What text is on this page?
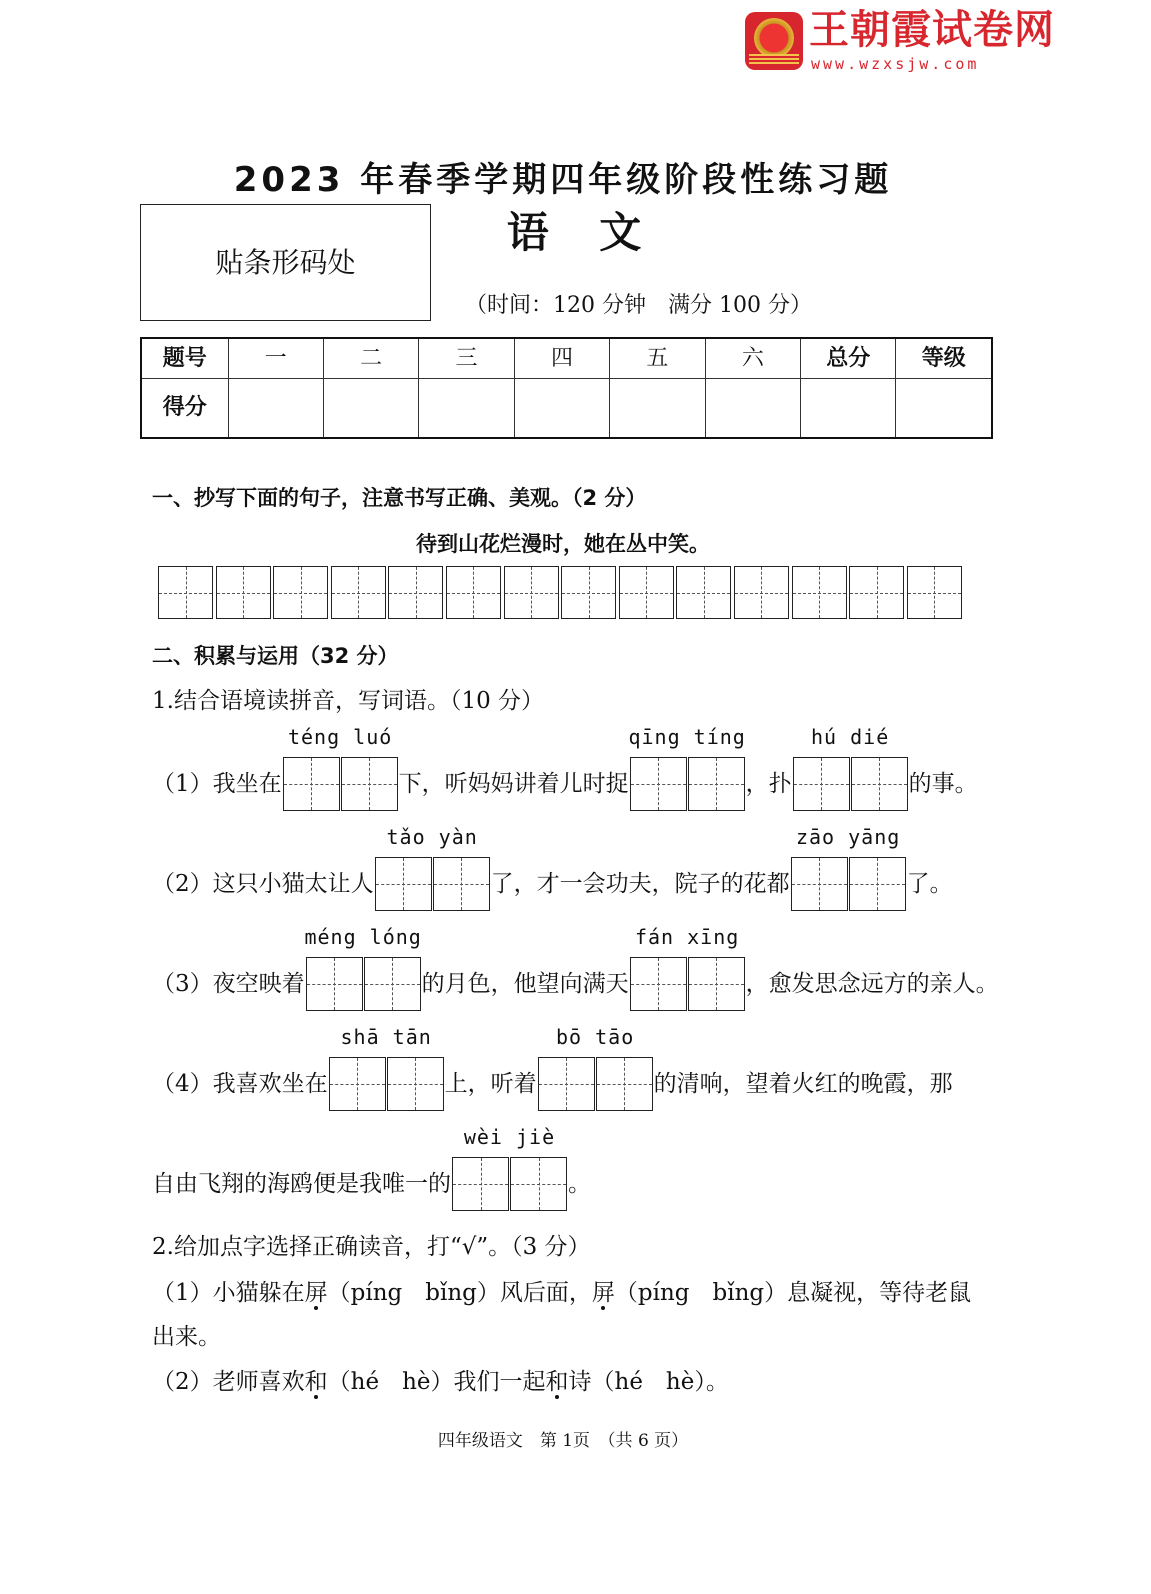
王朝霞试卷网
www.wzxsjw.com
2023 年春季学期四年级阶段性练习题
语 文
贴条形码处
（时间：120 分钟　满分 100 分）
题号	一	二	三	四	五	六	总分	等级
得分								
一、抄写下面的句子，注意书写正确、美观。（2 分）
待到山花烂漫时，她在丛中笑。
二、积累与运用（32 分）
1.结合语境读拼音，写词语。（10 分）
（1）我坐在
téng luó
下，听妈妈讲着儿时捉
qīng tíng
，扑
hú dié
的事。
（2）这只小猫太让人
tǎo yàn
了，才一会功夫，院子的花都
zāo yāng
了。
（3）夜空映着
méng lóng
的月色，他望向满天
fán xīng
，愈发思念远方的亲人。
（4）我喜欢坐在
shā tān
上，听着
bō tāo
的清响，望着火红的晚霞，那
自由飞翔的海鸥便是我唯一的
wèi jiè
。
2.给加点字选择正确读音，打“√”。（3 分）
（1）小猫躲在屏（píng　bǐng）风后面，屏（píng　bǐng）息凝视，等待老鼠
出来。
（2）老师喜欢和（hé　hè）我们一起和诗（hé　hè）。
四年级语文　第 1页　（共 6 页）
